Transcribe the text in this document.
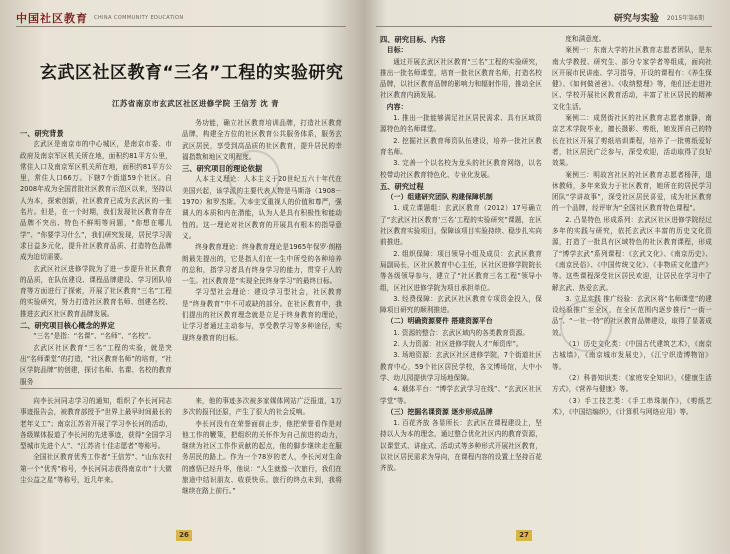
中国社区教育 CHINA COMMUNITY EDUCATION
玄武区社区教育“三名”工程的实验研究
江苏省南京市玄武区社区进修学院 王信芳 沈 青

一、研究背景

玄武区是南京市的中心城区，是南京市委、市政府及南京军区机关所在地，面积约81平方公里，常住人口及南京军区机关所在地，面积约81平方公里，常住人口66万。下辖7个街道59个社区。自2008年成为全国首批社区教育示范区以来，坚持以人为本，探索创新，社区教育已成为玄武区的一张名片。但是，在一个时期，我们发现社区教育存在品牌不突出、特色不鲜明等问题，“你想在哪儿学”、“你要学习什么”，我们研究发现，居民学习需求日益多元化，提升社区教育品质、打造特色品牌成为迫切需要。

玄武区社区进修学院为了进一步提升社区教育的品质，在队伍建设、课程品牌建设、学习团队培育等方面进行了探索，开展了社区教育“三名”工程的实验研究，努力打造社区教育名师、创建名校、推进玄武区社区教育品牌发展。

二、研究项目核心概念的界定

“三名”是指：“名课”、“名师”、“名校”。

玄武区社区教育“三名”工程的实验，就是突出“名师课堂”的打造，“社区教育名师”的培育，“社区学院品牌”的创建，探讨名师、名课、名校的教育服务

务功能，确立社区教育培训品牌，打造社区教育品牌，构建全方位的社区教育公共服务体系，服务玄武区居民，享受到高品质的社区教育，提升居民的幸福指数和地区文明程度。

三、研究项目的理论依据

人本主义理论：人本主义于20世纪五六十年代在美国兴起，该学派的主要代表人物是马斯洛（1908－1970）和罗杰斯。人本主义重视人的价值和尊严，强调人的本质和内在潜能，认为人是具有积极性和能动性的。这一理论对社区教育的开展具有根本的指导意义。

终身教育理论：终身教育理论是1965年保罗·朗格朗最先提出的，它是指人们在一生中所受的各种培养的总和，指学习者具有终身学习的能力，贯穿于人的一生。社区教育是“实现全民终身学习”的最终目标。

学习型社会理论：建设学习型社会，社区教育是“终身教育”中不可或缺的部分。在社区教育中，我们提出的社区教育理念就是立足于终身教育的理论，让学习者通过主动参与，享受教学习等多种途径，实现终身教育的目标。

向李长河同志学习的通知，组织了李长河同志事迹报告会，被教育部授予“世界上最早时间最长的老年义工”；南京江苏省开展了学习李长河的活动，各级媒体报道了李长河的先进事迹，获得“全国学习型城市先进个人”、“江苏省十佳志愿者”等称号。

全国社区教育优秀工作者“王信芳”、“山东农村第一个“优秀”称号，李长河同志获得南京市“十大微尘公益之星”等称号，近几年来。

来，他的事迹多次被多家媒体网站广泛报道，1万多次的报刊还原，产生了很大的社会反响。

李长河没有在荣誉面前止步，他把荣誉看作是对他工作的鞭策，把组织的关怀作为自己前进的动力，继续为社区工作作贡献的起点，他的脚步继续走在服务居民的路上。作为一个78岁的老人，李长河对生命的感悟已经升华，他说：“人生就像一次旅行，我们在旅途中结识朋友、收获快乐。旅行的终点未到，我将继续在路上前行。”

26
研究与实验 2015年第6期

四、研究目标、内容

目标：

通过开展玄武区社区教育“三名”工程的实验研究，推出一批名师课堂，培育一批社区教育名师，打造名校品牌，以社区教育品牌的影响力和辐射作用，推动全区社区教育内涵发展。

内容：

1. 推出一批能够满足社区居民需求、具有区域资源特色的名师课堂。

2. 挖掘社区教育师资队伍建设，培养一批社区教育名师。

3. 完善一个以名校为龙头的社区教育网络，以名校带动社区教育特色化、专业化发展。

五、研究过程

（一）组建研究团队 构建保障机制

1. 成立课题组：玄武区教育（2012）17号确立了“玄武区社区教育‘三名’工程的实验研究”课题，在区社区教育实验项目，保障该项目实验持续、稳步扎实向前推进。

2. 组织保障：项目领导小组及成员：玄武区教育局副局长，区社区教育中心主任，区社区进修学院院长等各级领导参与，建立了“社区教育三名工程”领导小组，区社区进修学院为项目承担单位。

3. 经费保障：玄武区社区教育专项资金投入，保障项目研究的顺利推进。

（二）明确资源要件 搭建资源平台

1. 资源的整合：玄武区域内的各类教育资源。

2. 人力资源：社区进修学院人才“师资库”。

3. 场地资源：玄武区社区进修学院，7个街道社区教育中心，59个社区居民学校，各文博场馆，大中小学、幼儿园提供学习场地保障。

4. 载体平台：“博学玄武学习在线”、“玄武区社区学堂”等。

（三）挖掘名课资源 逐步形成品牌

1. 百花齐放 各显所长：玄武区在课程建设上，坚持以人为本的理念，通过整合优化社区内的教育资源，以课堂式、讲座式、活动式等多种形式开展社区教育，以社区居民需求为导向，在课程内容的设置上坚持百花齐放。

度和满意度。

案例一：东南大学的社区教育志愿者团队，是东南大学教授、研究生、部分专家学者等组成，面向社区开展市民讲座、学习指导，开设的课程有：《养生保健》、《如何做爸爸》、《收纳整理》等，他们还走进社区、学校开展社区教育活动，丰富了社区居民的精神文化生活。

案例二：成贤街社区的社区教育志愿者康静，南京艺术学院毕业，擅长摄影、剪纸，她发挥自己的特长在社区开展了剪纸培训课程，培养了一批剪纸爱好者，社区居民广泛参与，深受欢迎，活动取得了良好效果。

案例三：明故宫社区的社区教育志愿者杨萍，退休教师，多年来致力于社区教育，她所在的居民学习团队“学讲故事”，深受社区居民喜爱，成为社区教育的一个品牌，经评审为“全国社区教育特色课程”。

2. 凸显特色 形成系列：玄武区社区进修学院经过多年的实践与研究，依托玄武区丰富的历史文化资源，打造了一批具有区域特色的社区教育课程，形成了“博学玄武”系列课程：《玄武文化》、《南京历史》、《南京民俗》、《中国传统文化》、《非物质文化遗产》等。这些课程深受社区居民欢迎，让居民在学习中了解玄武、热爱玄武。

3. 立足实践 推广经验：玄武区将“名师课堂”的建设经验推广至全区，在全区范围内逐步推行“一街一品”、“一社一特”的社区教育品牌建设，取得了显著成效。

（1）历史文化类：《中国古代建筑艺术》，《南京古城墙》，《南京城市发展史》，《江宁织造博物馆》等。

（2）科普知识类：《家庭安全知识》，《健康生活方式》，《营养与健康》等。

（3）手工技艺类：《手工串珠制作》，《剪纸艺术》，《中国结编织》，《计算机与网络应用》等。

27
